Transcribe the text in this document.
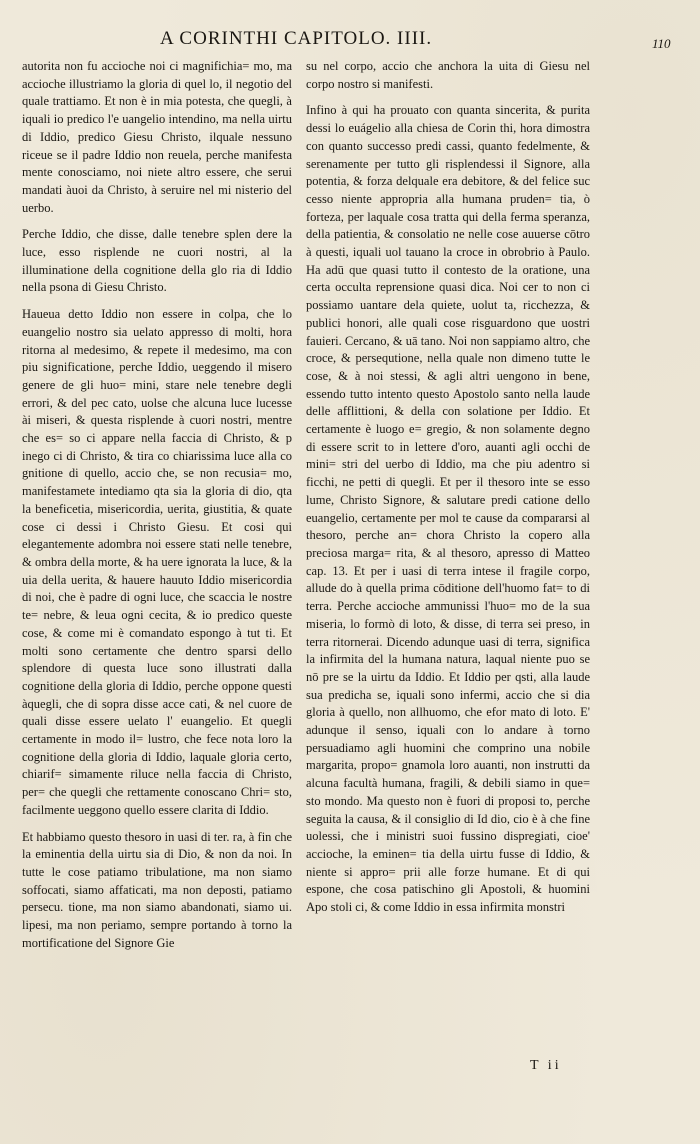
A CORINTHI CAPITOLO. IIII.	110

autorita non fu accioche noi ci magnifichia= mo, ma accioche illustriamo la gloria di quel lo, il negotio del quale trattiamo. Et non è in mia potesta, che quegli, à iquali io predico l'e uangelio intendino, ma nella uirtu di Iddio, predico Giesu Christo, ilquale nessuno riceue se il padre Iddio non reuela, perche manifesta mente conosciamo, noi niete altro essere, che serui mandati àuoi da Christo, à seruire nel mi nisterio del uerbo.

Perche Iddio, che disse, dalle tenebre splen dere la luce, esso risplende ne cuori nostri, al la illuminatione della cognitione della glo ria di Iddio nella psona di Giesu Christo.

Haueua detto Iddio non essere in colpa, che lo euangelio nostro sia uelato appresso di molti, hora ritorna al medesimo, & repete il medesimo, ma con piu significatione, perche Iddio, ueggendo il misero genere de gli huo= mini, stare nele tenebre degli errori, & del pec cato, uolse che alcuna luce lucesse ài miseri, & questa risplende à cuori nostri, mentre che es= so ci appare nella faccia di Christo, & p inego ci di Christo, & tira co chiarissima luce alla co gnitione di quello, accio che, se non recusia= mo, manifestamete intediamo qta sia la gloria di dio, qta la beneficetia, misericordia, uerita, giustitia, & quate cose ci dessi i Christo Giesu. Et cosi qui elegantemente adombra noi essere stati nelle tenebre, & ombra della morte, & ha uere ignorata la luce, & la uia della uerita, & hauere hauuto Iddio misericordia di noi, che è padre di ogni luce, che scaccia le nostre te= nebre, & leua ogni cecita, & io predico queste cose, & come mi è comandato espongo à tut ti. Et molti sono certamente che dentro sparsi dello splendore di questa luce sono illustrati dalla cognitione della gloria di Iddio, perche oppone questi àquegli, che di sopra disse acce cati, & nel cuore de quali disse essere uelato l' euangelio. Et quegli certamente in modo il= lustro, che fece nota loro la cognitione della gloria di Iddio, laquale gloria certo, chiarif= simamente riluce nella faccia di Christo, per= che quegli che rettamente conoscano Chri= sto, facilmente ueggono quello essere clarita di Iddio.

Et habbiamo questo thesoro in uasi di ter. ra, à fin che la eminentia della uirtu sia di Dio, & non da noi. In tutte le cose patiamo tribulatione, ma non siamo soffocati, siamo affaticati, ma non deposti, patiamo persecu. tione, ma non siamo abandonati, siamo ui. lipesi, ma non periamo, sempre portando à torno la mortificatione del Signore Gie

su nel corpo, accio che anchora la uita di Giesu nel corpo nostro si manifesti.

Infino à qui ha prouato con quanta sincerita, & purita dessi lo euágelio alla chiesa de Corin thi, hora dimostra con quanto successo predi cassi, quanto fedelmente, & serenamente per tutto gli risplendessi il Signore, alla potentia, & forza delquale era debitore, & del felice suc cesso niente appropria alla humana pruden= tia, ò forteza, per laquale cosa tratta qui della ferma speranza, della patientia, & consolatio ne nelle cose auuerse cōtro à questi, iquali uol tauano la croce in obrobrio à Paulo. Ha adū que quasi tutto il contesto de la oratione, una certa occulta reprensione quasi dica. Noi cer to non ci possiamo uantare dela quiete, uolut ta, ricchezza, & publici honori, alle quali cose risguardono que uostri fauieri. Cercano, & uā tano. Noi non sappiamo altro, che croce, & persequtione, nella quale non dimeno tutte le cose, & à noi stessi, & agli altri uengono in bene, essendo tutto intento questo Apostolo santo nella laude delle afflittioni, & della con solatione per Iddio. Et certamente è luogo e= gregio, & non solamente degno di essere scrit to in lettere d'oro, auanti agli occhi de mini= stri del uerbo di Iddio, ma che piu adentro si ficchi, ne petti di quegli. Et per il thesoro inte se esso lume, Christo Signore, & salutare predi catione dello euangelio, certamente per mol te cause da compararsi al thesoro, perche an= chora Christo la copero alla preciosa marga= rita, & al thesoro, apresso di Matteo cap. 13. Et per i uasi di terra intese il fragile corpo, allude do à quella prima cōditione dell'huomo fat= to di terra. Perche accioche ammunissi l'huo= mo de la sua miseria, lo formò di loto, & disse, di terra sei preso, in terra ritornerai. Dicendo adunque uasi di terra, significa la infirmita del la humana natura, laqual niente puo se nō pre se la uirtu da Iddio. Et Iddio per qsti, alla laude sua predicha se, iquali sono infermi, accio che si dia gloria à quello, non allhuomo, che efor mato di loto. E' adunque il senso, iquali con lo andare à torno persuadiamo agli huomini che comprino una nobile margarita, propo= gnamola loro auanti, non instrutti da alcuna facultà humana, fragili, & debili siamo in que= sto mondo. Ma questo non è fuori di proposi to, perche seguita la causa, & il consiglio di Id dio, cio è à che fine uolessi, che i ministri suoi fussino dispregiati, cioe' accioche, la eminen= tia della uirtu fusse di Iddio, & niente si appro= prii alle forze humane. Et di qui espone, che cosa patischino gli Apostoli, & huomini Apo stoli ci, & come Iddio in essa infirmita monstri

T ii
